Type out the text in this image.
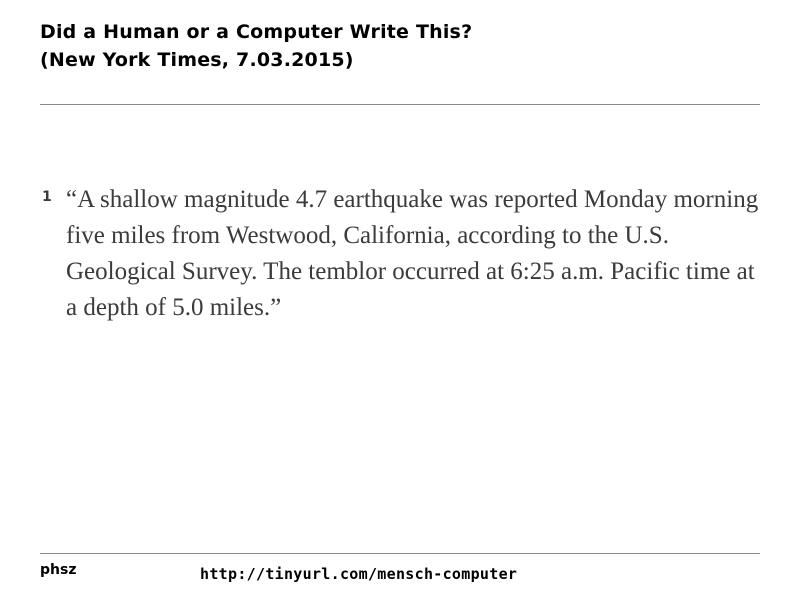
Did a Human or a Computer Write This?
(New York Times, 7.03.2015)
1 “A shallow magnitude 4.7 earthquake was reported Monday morning five miles from Westwood, California, according to the U.S. Geological Survey. The temblor occurred at 6:25 a.m. Pacific time at a depth of 5.0 miles.”
phsz	http://tinyurl.com/mensch-computer
